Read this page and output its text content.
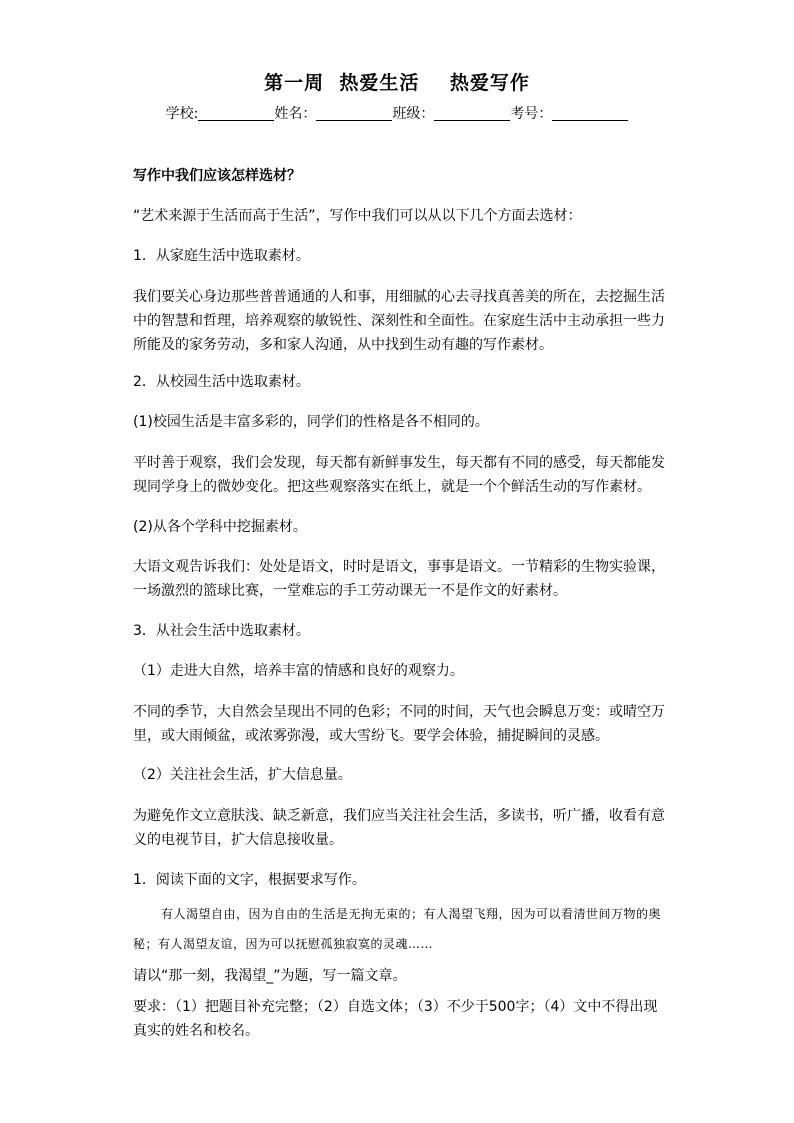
第一周  热爱生活    热爱写作
学校:	姓名：	班级：	考号：

写作中我们应该怎样选材？

“艺术来源于生活而高于生活”，写作中我们可以从以下几个方面去选材：

1．从家庭生活中选取素材。

我们要关心身边那些普普通通的人和事，用细腻的心去寻找真善美的所在，去挖掘生活中的智慧和哲理，培养观察的敏锐性、深刻性和全面性。在家庭生活中主动承担一些力所能及的家务劳动，多和家人沟通，从中找到生动有趣的写作素材。

2．从校园生活中选取素材。

(1)校园生活是丰富多彩的，同学们的性格是各不相同的。

平时善于观察，我们会发现，每天都有新鲜事发生，每天都有不同的感受，每天都能发现同学身上的微妙变化。把这些观察落实在纸上，就是一个个鲜活生动的写作素材。

(2)从各个学科中挖掘素材。

大语文观告诉我们：处处是语文，时时是语文，事事是语文。一节精彩的生物实验课，一场激烈的篮球比赛，一堂难忘的手工劳动课无一不是作文的好素材。

3．从社会生活中选取素材。

（1）走进大自然，培养丰富的情感和良好的观察力。

不同的季节，大自然会呈现出不同的色彩；不同的时间，天气也会瞬息万变：或晴空万里，或大雨倾盆，或浓雾弥漫，或大雪纷飞。要学会体验，捕捉瞬间的灵感。

（2）关注社会生活，扩大信息量。

为避免作文立意肤浅、缺乏新意，我们应当关注社会生活，多读书，听广播，收看有意义的电视节目，扩大信息接收量。

1．阅读下面的文字，根据要求写作。

有人渴望自由，因为自由的生活是无拘无束的；有人渴望飞翔，因为可以看清世间万物的奥秘；有人渴望友谊，因为可以抚慰孤独寂寞的灵魂……

请以“那一刻，我渴望_”为题，写一篇文章。

要求：（1）把题目补充完整；（2）自选文体；（3）不少于500字；（4）文中不得出现真实的姓名和校名。
